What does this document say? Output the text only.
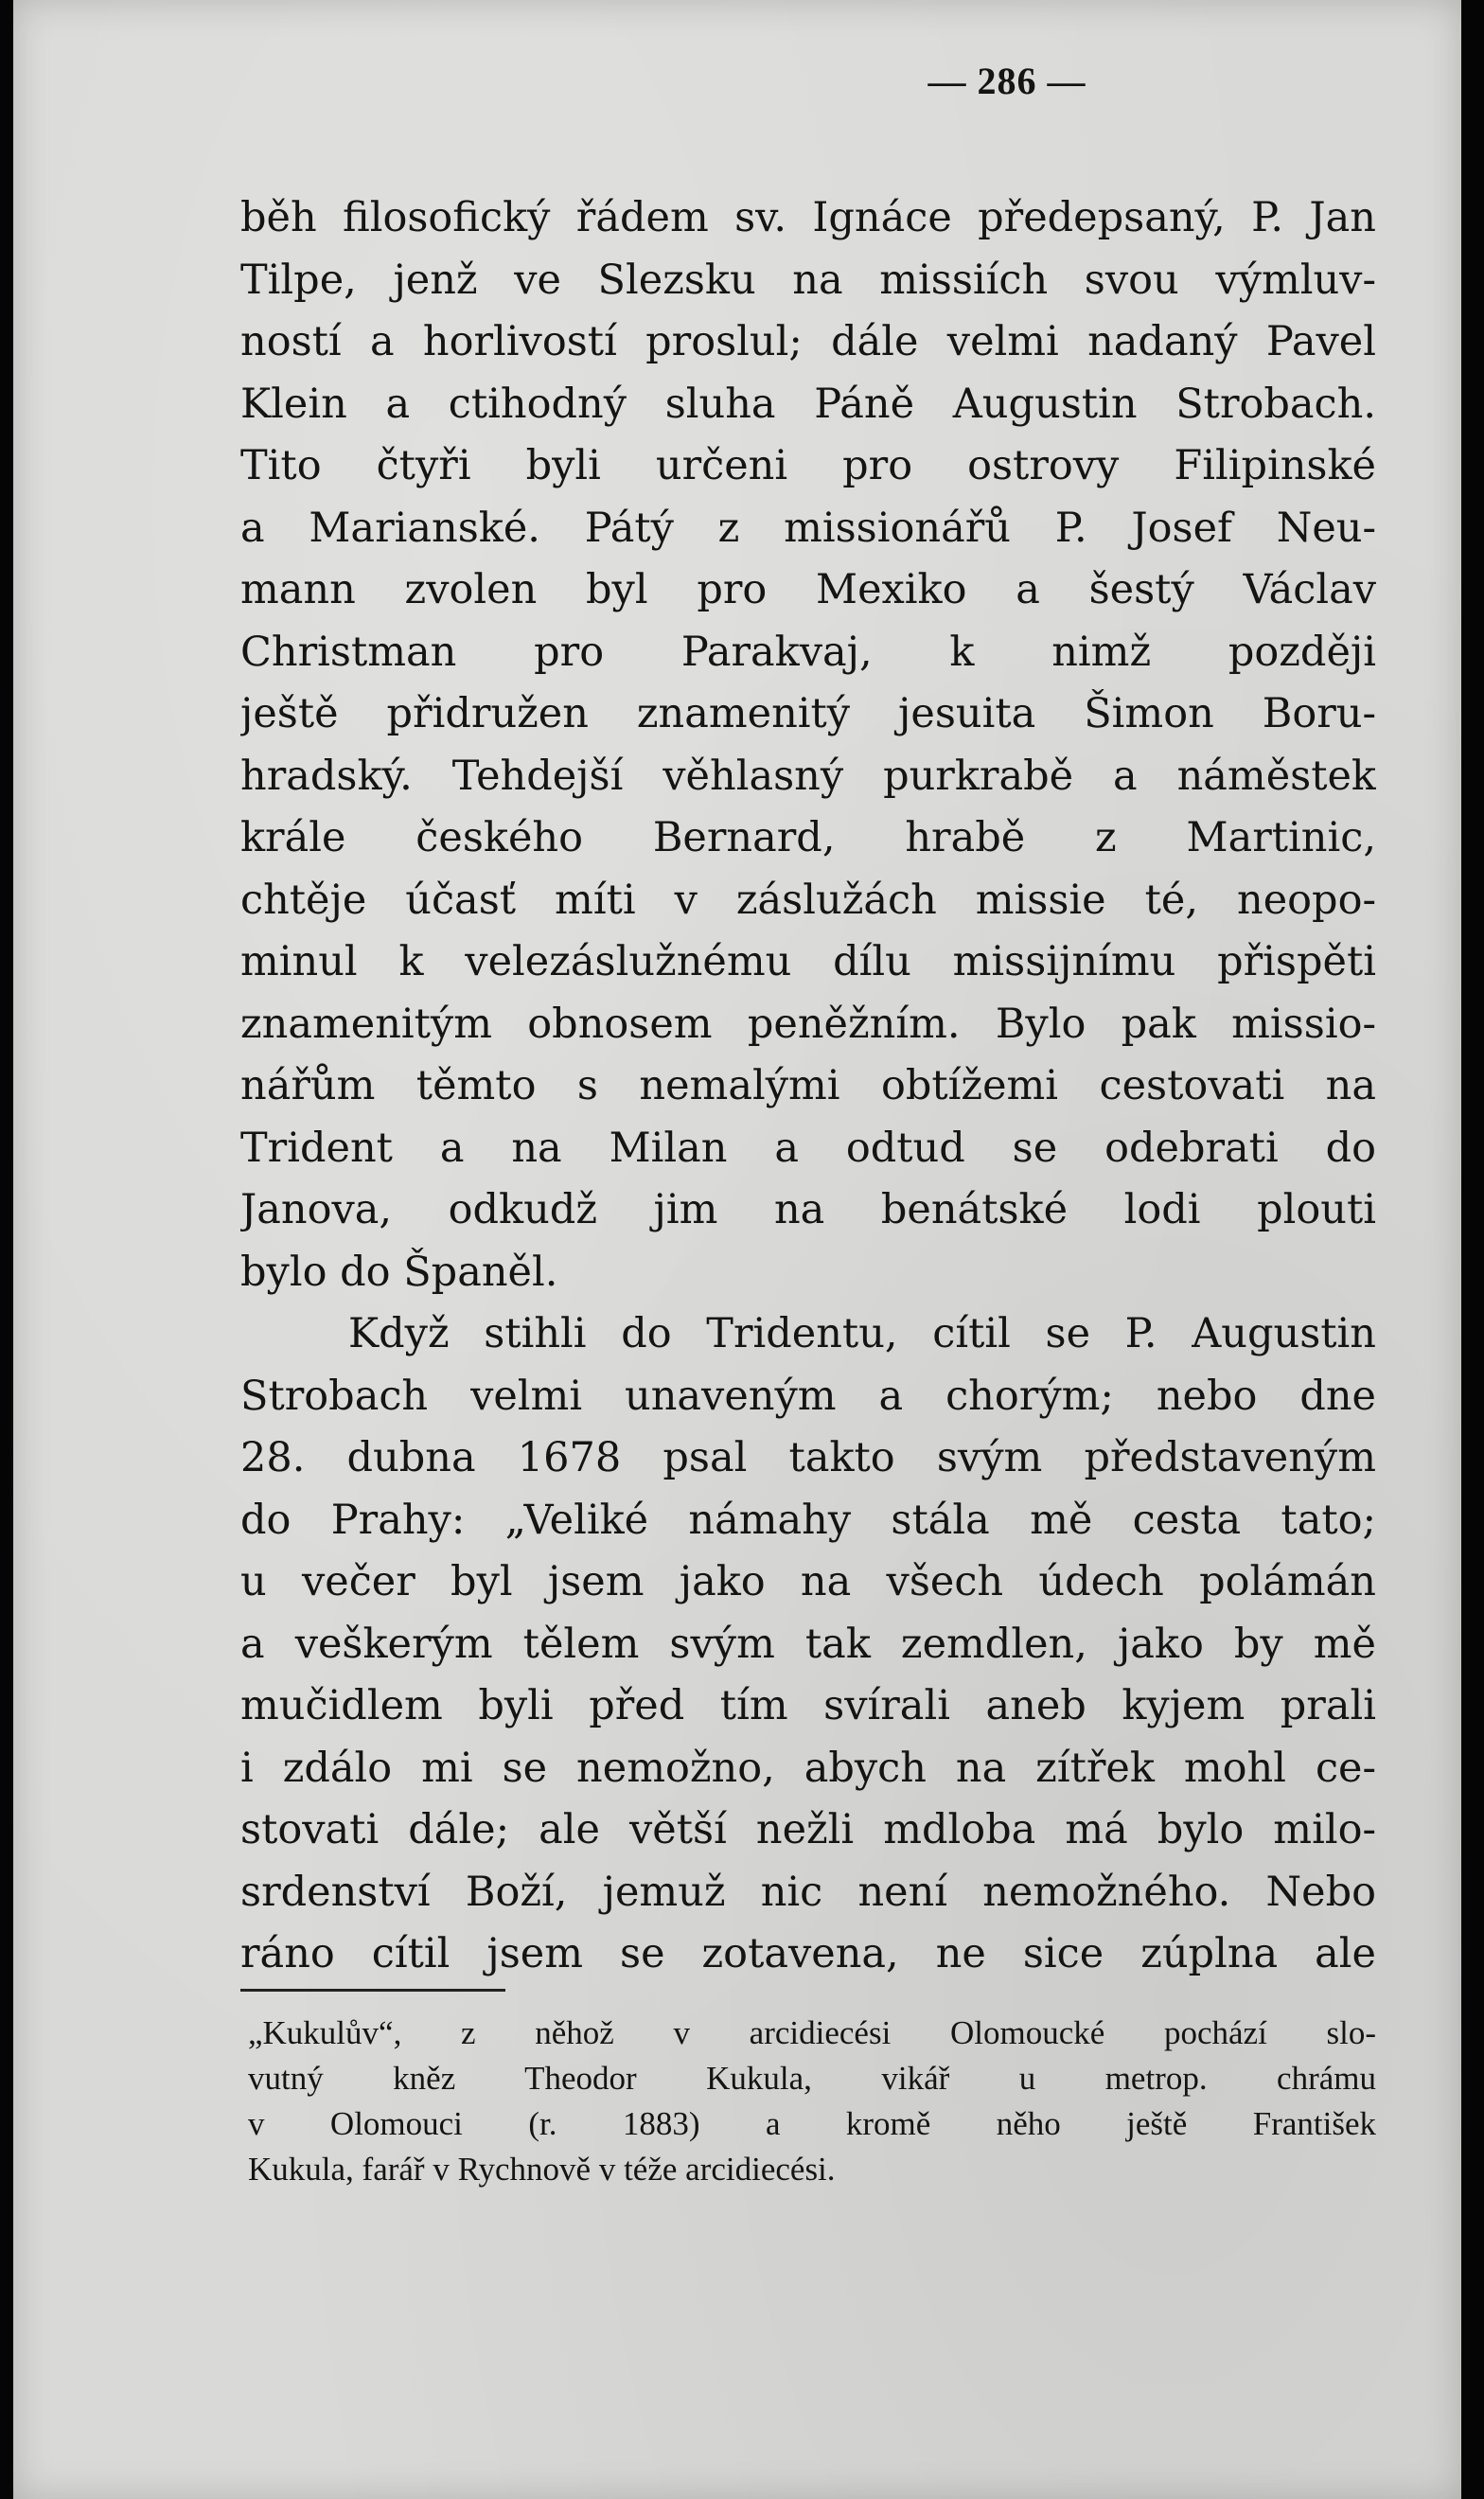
— 286 —
běh filosofický řádem sv. Ignáce předepsaný, P. Jan
Tilpe, jenž ve Slezsku na missiích svou výmluv-
ností a horlivostí proslul; dále velmi nadaný Pavel
Klein a ctihodný sluha Páně Augustin Strobach.
Tito čtyři byli určeni pro ostrovy Filipinské
a Marianské. Pátý z missionářů P. Josef Neu-
mann zvolen byl pro Mexiko a šestý Václav
Christman pro Parakvaj, k nimž později
ještě přidružen znamenitý jesuita Šimon Boru-
hradský. Tehdejší věhlasný purkrabě a náměstek
krále českého Bernard, hrabě z Martinic,
chtěje účasť míti v záslužách missie té, neopo-
minul k velezáslužnému dílu missijnímu přispěti
znamenitým obnosem peněžním. Bylo pak missio-
nářům těmto s nemalými obtížemi cestovati na
Trident a na Milan a odtud se odebrati do
Janova, odkudž jim na benátské lodi plouti
bylo do Španěl.
Když stihli do Tridentu, cítil se P. Augustin
Strobach velmi unaveným a chorým; nebo dne
28. dubna 1678 psal takto svým představeným
do Prahy: „Veliké námahy stála mě cesta tato;
u večer byl jsem jako na všech údech polámán
a veškerým tělem svým tak zemdlen, jako by mě
mučidlem byli před tím svírali aneb kyjem prali
i zdálo mi se nemožno, abych na zítřek mohl ce-
stovati dále; ale větší nežli mdloba má bylo milo-
srdenství Boží, jemuž nic není nemožného. Nebo
ráno cítil jsem se zotavena, ne sice zúplna ale
„Kukulův“, z něhož v arcidiecési Olomoucké pochází slo-
vutný kněz Theodor Kukula, vikář u metrop. chrámu
v Olomouci (r. 1883) a kromě něho ještě František
Kukula, farář v Rychnově v téže arcidiecési.
